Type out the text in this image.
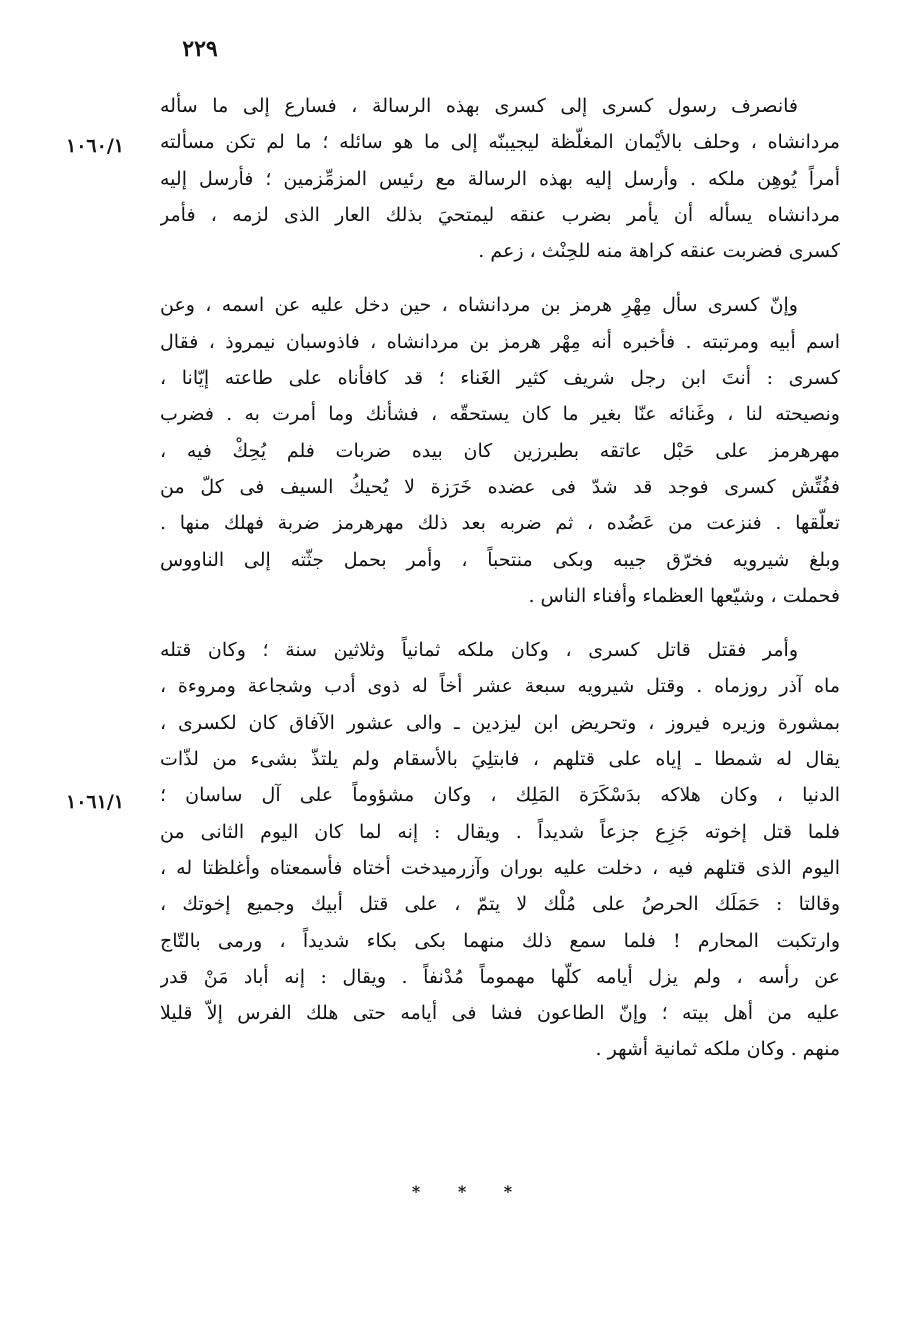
٢٢٩
١٠٦٠/١
١٠٦١/١
فانصرف رسول كسرى إلى كسرى بهذه الرسالة ، فسارع إلى ما سأله
مردانشاه ، وحلف بالأيْمان المغلّظة ليجيبنّه إلى ما هو سائله ؛ ما لم تكن مسألته
أمراً يُوهِن ملكه . وأرسل إليه بهذه الرسالة مع رئيس المزمِّزمين ؛ فأرسل إليه
مردانشاه يسأله أن يأمر بضرب عنقه ليمتحيَ بذلك العار الذى لزمه ، فأمر
كسرى فضربت عنقه كراهة منه للحِنْث ، زعم .
وإنّ كسرى سأل مِهْرِ هرمز بن مردانشاه ، حين دخل عليه عن اسمه ، وعن
اسم أبيه ومرتبته . فأخبره أنه مِهْر هرمز بن مردانشاه ، فاذوسبان نيمروذ ، فقال
كسرى : أنتَ ابن رجل شريف كثير الغَناء ؛ قد كافأناه على طاعته إيّانا ،
ونصيحته لنا ، وغَنائه عنّا بغير ما كان يستحقّه ، فشأنك وما أمرت به . فضرب
مهرهرمز على حَبْل عاتقه بطبرزين كان بيده ضربات فلم يُحِكْ فيه ،
ففُتِّش كسرى فوجد قد شدّ فى عضده خَرَزة لا يُحيكُ السيف فى كلّ من
تعلّقها . فنزعت من عَضُده ، ثم ضربه بعد ذلك مهرهرمز ضربة فهلك منها .
وبلغ شيرويه فخرّق جيبه وبكى منتحباً ، وأمر بحمل جثّته إلى الناووس
فحملت ، وشيّعها العظماء وأفناء الناس .
وأمر فقتل قاتل كسرى ، وكان ملكه ثمانياً وثلاثين سنة ؛ وكان قتله
ماه آذر روزماه . وقتل شيرويه سبعة عشر أخاً له ذوى أدب وشجاعة ومروءة ،
بمشورة وزيره فيروز ، وتحريض ابن ليزدين ـ والى عشور الآفاق كان لكسرى ،
يقال له شمطا ـ إياه على قتلهم ، فابتلِيَ بالأسقام ولم يلتذّ بشىء من لذّات
الدنيا ، وكان هلاكه بدَسْكَرَة المَلِك ، وكان مشؤوماً على آل ساسان ؛
فلما قتل إخوته جَزِع جزعاً شديداً . ويقال : إنه لما كان اليوم الثانى من
اليوم الذى قتلهم فيه ، دخلت عليه بوران وآزرميدخت أختاه فأسمعتاه وأغلظتا له ،
وقالتا : حَمَلَك الحرصُ على مُلْك لا يتمّ ، على قتل أبيك وجميع إخوتك ،
وارتكبت المحارم ! فلما سمع ذلك منهما بكى بكاء شديداً ، ورمى بالتّاج
عن رأسه ، ولم يزل أيامه كلّها مهموماً مُدْنفاً . ويقال : إنه أباد مَنْ قدر
عليه من أهل بيته ؛ وإنّ الطاعون فشا فى أيامه حتى هلك الفرس إلاّ قليلا
منهم . وكان ملكه ثمانية أشهر .
* * *
